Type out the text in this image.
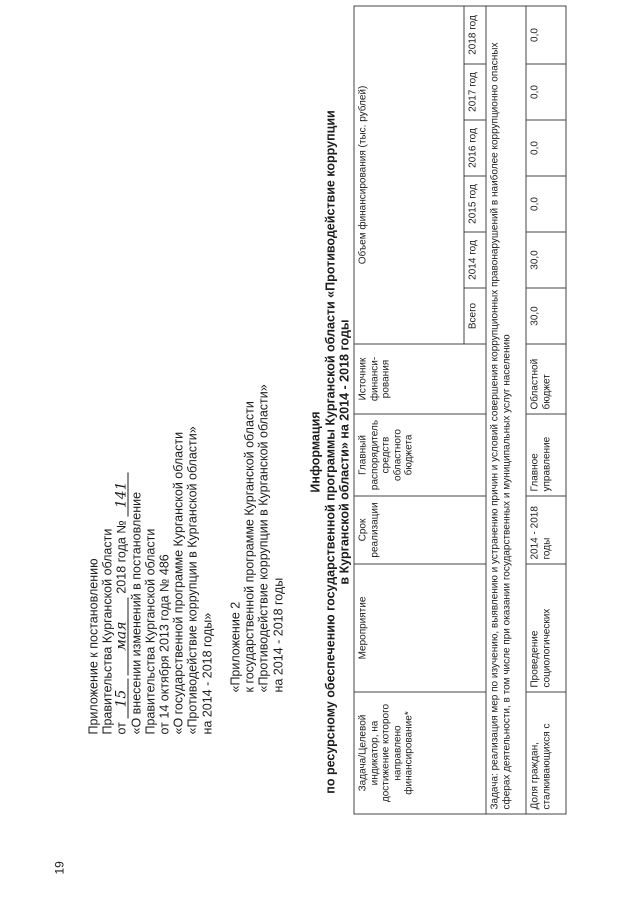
19
Приложение к постановлению Правительства Курганской области от 15 мая 2018 года № 141 «О внесении изменений в постановление Правительства Курганской области от 14 октября 2013 года № 486 «О государственной программе Курганской области «Противодействие коррупции в Курганской области» на 2014 - 2018 годы» «Приложение 2 к государственной программе Курганской области «Противодействие коррупции в Курганской области» на 2014 - 2018 годы
Информация по ресурсному обеспечению государственной программы Курганской области «Противодействие коррупции в Курганской области» на 2014 - 2018 годы
Задача/Целевой индикатор, на достижение которого направлено финансирование*	Мероприятие	Срок реализации	Главный распорядитель средств областного бюджета	Источник финанси-рования	Объем финансирования (тыс. рублей)					
					Всего	2014 год	2015 год	2016 год	2017 год	2018 год
Задача: реализация мер по изучению, выявлению и устранению причин и условий совершения коррупционных правонарушений в наиболее коррупционно опасных сферах деятельности, в том числе при оказании государственных и муниципальных услуг населению										
Доля граждан, сталкивающихся с	Проведение социологических	2014 - 2018 годы	Главное управление	Областной бюджет	30,0	30,0	0,0	0,0	0,0	0,0
